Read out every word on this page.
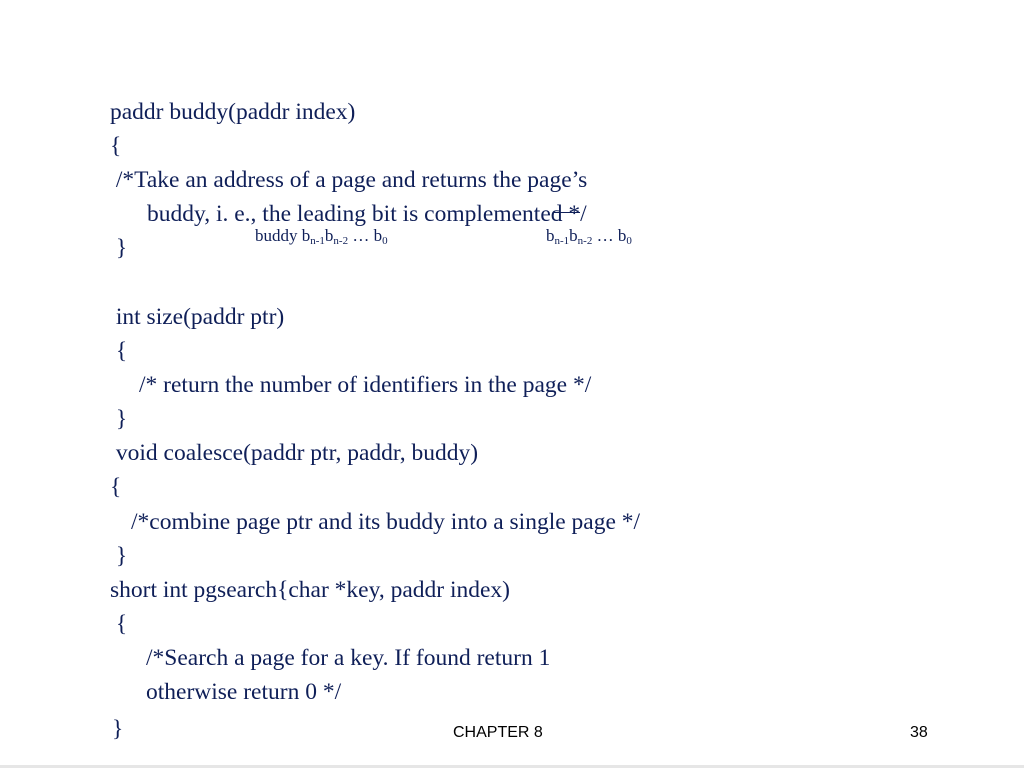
paddr buddy(paddr index)
{
/*Take an address of a page and returns the page’s
buddy, i. e., the leading bit is complemented */
buddy $b_{n-1}b_{n-2}$ … $b_0$	$b_{n-1}b_{n-2}$ … $b_0$
}
int size(paddr ptr)
{
/* return the number of identifiers in the page */
}
void coalesce(paddr ptr, paddr, buddy)
{
/*combine page ptr and its buddy into a single page */
}
short int pgsearch{char *key, paddr index)
{
/*Search a page for a key. If found return 1
otherwise return 0 */
}	CHAPTER 8	38
